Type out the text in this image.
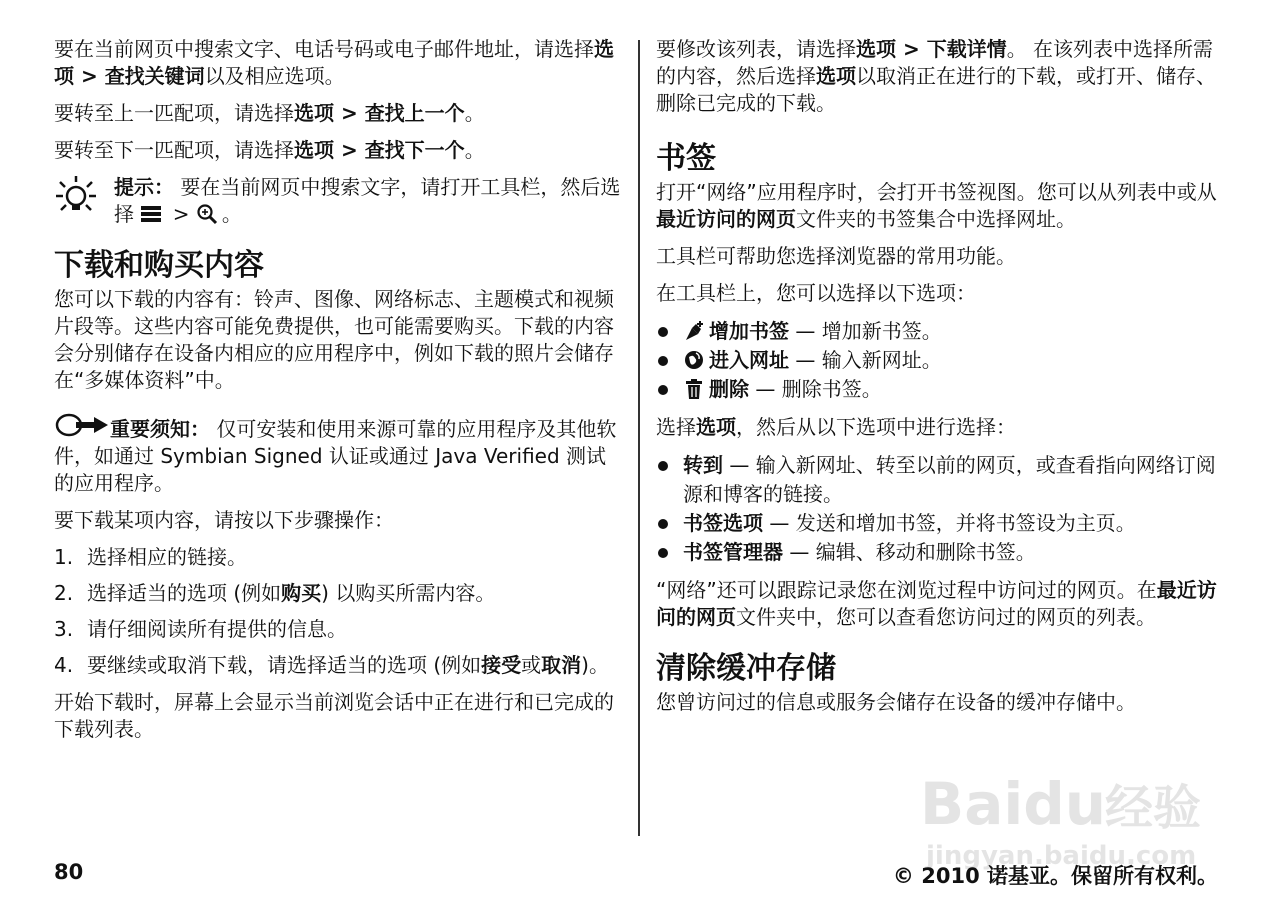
要在当前网页中搜索文字、电话号码或电子邮件地址，请选择选项 > 查找关键词以及相应选项。

要转至上一匹配项，请选择选项 > 查找上一个。

要转至下一匹配项，请选择选项 > 查找下一个。

提示： 要在当前网页中搜索文字，请打开工具栏，然后选择  > 。
下载和购买内容

您可以下载的内容有：铃声、图像、网络标志、主题模式和视频片段等。这些内容可能免费提供，也可能需要购买。下载的内容会分别储存在设备内相应的应用程序中，例如下载的照片会储存在“多媒体资料”中。

重要须知： 仅可安装和使用来源可靠的应用程序及其他软件，如通过 Symbian Signed 认证或通过 Java Verified 测试的应用程序。

要下载某项内容，请按以下步骤操作：

1. 选择相应的链接。
2. 选择适当的选项 (例如购买) 以购买所需内容。
3. 请仔细阅读所有提供的信息。
4. 要继续或取消下载，请选择适当的选项 (例如接受或取消)。

开始下载时，屏幕上会显示当前浏览会话中正在进行和已完成的下载列表。

要修改该列表，请选择选项 > 下载详情。 在该列表中选择所需的内容，然后选择选项以取消正在进行的下载，或打开、储存、删除已完成的下载。

书签

打开“网络”应用程序时，会打开书签视图。您可以从列表中或从最近访问的网页文件夹的书签集合中选择网址。

工具栏可帮助您选择浏览器的常用功能。

在工具栏上，您可以选择以下选项：

增加书签 — 增加新书签。
进入网址 — 输入新网址。
删除 — 删除书签。

选择选项，然后从以下选项中进行选择：

转到 — 输入新网址、转至以前的网页，或查看指向网络订阅源和博客的链接。
书签选项 — 发送和增加书签，并将书签设为主页。
书签管理器 — 编辑、移动和删除书签。

“网络”还可以跟踪记录您在浏览过程中访问过的网页。在最近访问的网页文件夹中，您可以查看您访问过的网页的列表。

清除缓冲存储

您曾访问过的信息或服务会储存在设备的缓冲存储中。

Baidu
经验
jingyan.baidu.com
80	© 2010 诺基亚。保留所有权利。
